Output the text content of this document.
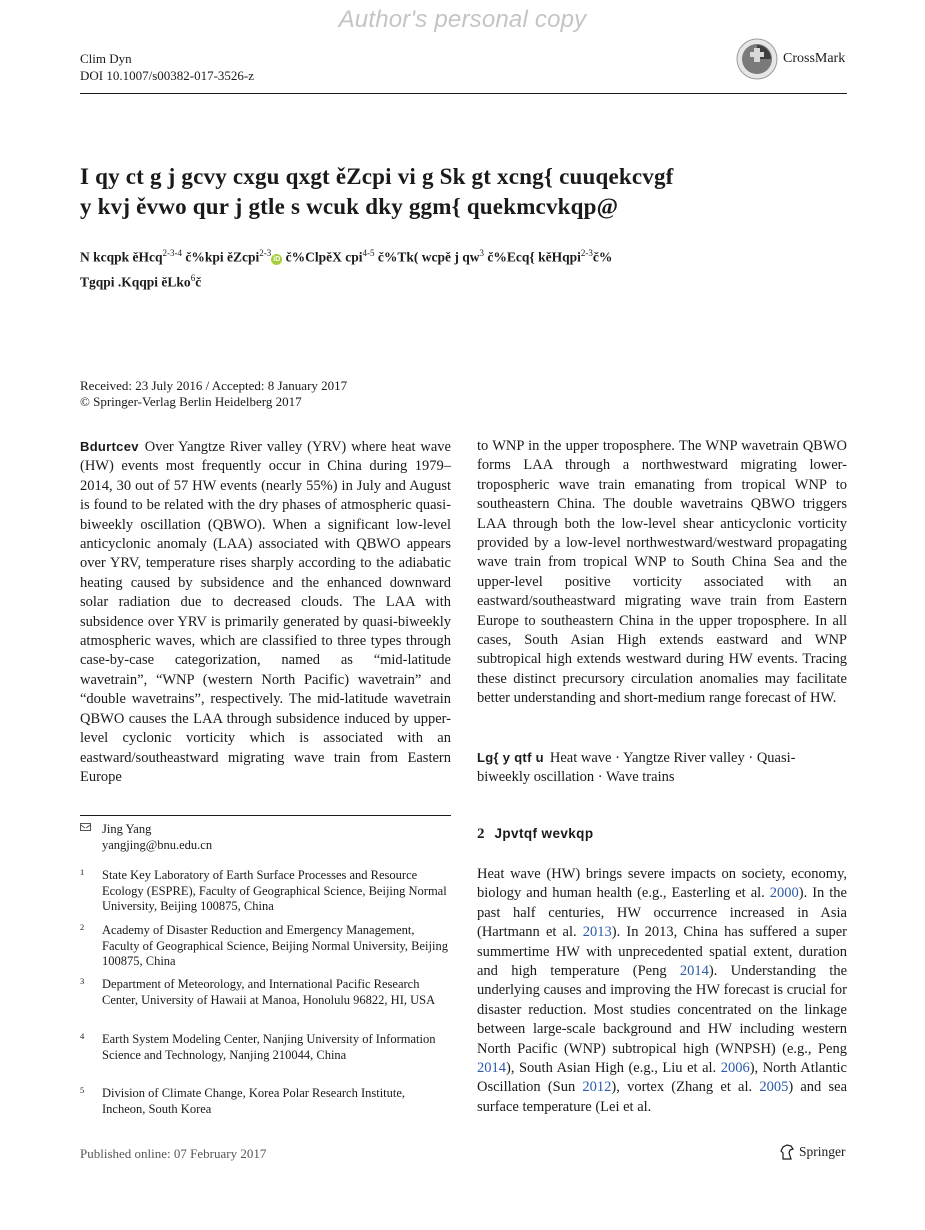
Author's personal copy
Clim Dyn
DOI 10.1007/s00382-017-3526-z
CrossMark
I qy ct g j gcvy cxgu qxgt ěZcpi vi g Sk gt xcng{ cuuqekcvgf
y kvj ěvwo qur j gtle s wcuk dky ggm{ quekmcvkqp@
N kcqpk ěHcq$^{2-3-4}$ č%kpi ěZcpi$^{2-3}$iD č%ClpěX cpi$^{4-5}$ č%Tk( wcpě j $qw^3$ č%Ecq{ kěHqpi$^{2-3}$č%
Tgqpi .Kqqpi ěLko$^6$č
Received: 23 July 2016 / Accepted: 8 January 2017
© Springer-Verlag Berlin Heidelberg 2017
Bdurtcev Over Yangtze River valley (YRV) where heat wave (HW) events most frequently occur in China during 1979–2014, 30 out of 57 HW events (nearly 55%) in July and August is found to be related with the dry phases of atmospheric quasi-biweekly oscillation (QBWO). When a significant low-level anticyclonic anomaly (LAA) associated with QBWO appears over YRV, temperature rises sharply according to the adiabatic heating caused by subsidence and the enhanced downward solar radiation due to decreased clouds. The LAA with subsidence over YRV is primarily generated by quasi-biweekly atmospheric waves, which are classified to three types through case-by-case categorization, named as “mid-latitude wavetrain”, “WNP (western North Pacific) wavetrain” and “double wavetrains”, respectively. The mid-latitude wavetrain QBWO causes the LAA through subsidence induced by upper-level cyclonic vorticity which is associated with an eastward/southeastward migrating wave train from Eastern Europe
to WNP in the upper troposphere. The WNP wavetrain QBWO forms LAA through a northwestward migrating lower-tropospheric wave train emanating from tropical WNP to southeastern China. The double wavetrains QBWO triggers LAA through both the low-level shear anticyclonic vorticity provided by a low-level northwestward/westward propagating wave train from tropical WNP to South China Sea and the upper-level positive vorticity associated with an eastward/southeastward migrating wave train from Eastern Europe to southeastern China in the upper troposphere. In all cases, South Asian High extends eastward and WNP subtropical high extends westward during HW events. Tracing these distinct precursory circulation anomalies may facilitate better understanding and short-medium range forecast of HW.
Lg{ y qtf u Heat wave · Yangtze River valley · Quasi-biweekly oscillation · Wave trains
Jing Yang
yangjing@bnu.edu.cn
1 State Key Laboratory of Earth Surface Processes and Resource Ecology (ESPRE), Faculty of Geographical Science, Beijing Normal University, Beijing 100875, China
2 Academy of Disaster Reduction and Emergency Management, Faculty of Geographical Science, Beijing Normal University, Beijing 100875, China
3 Department of Meteorology, and International Pacific Research Center, University of Hawaii at Manoa, Honolulu 96822, HI, USA
4 Earth System Modeling Center, Nanjing University of Information Science and Technology, Nanjing 210044, China
5 Division of Climate Change, Korea Polar Research Institute, Incheon, South Korea
2 Jpvtqf wevkqp
Heat wave (HW) brings severe impacts on society, economy, biology and human health (e.g., Easterling et al. 2000). In the past half centuries, HW occurrence increased in Asia (Hartmann et al. 2013). In 2013, China has suffered a super summertime HW with unprecedented spatial extent, duration and high temperature (Peng 2014). Understanding the underlying causes and improving the HW forecast is crucial for disaster reduction. Most studies concentrated on the linkage between large-scale background and HW including western North Pacific (WNP) subtropical high (WNPSH) (e.g., Peng 2014), South Asian High (e.g., Liu et al. 2006), North Atlantic Oscillation (Sun 2012), vortex (Zhang et al. 2005) and sea surface temperature (Lei et al.
Published online: 07 February 2017	Springer
